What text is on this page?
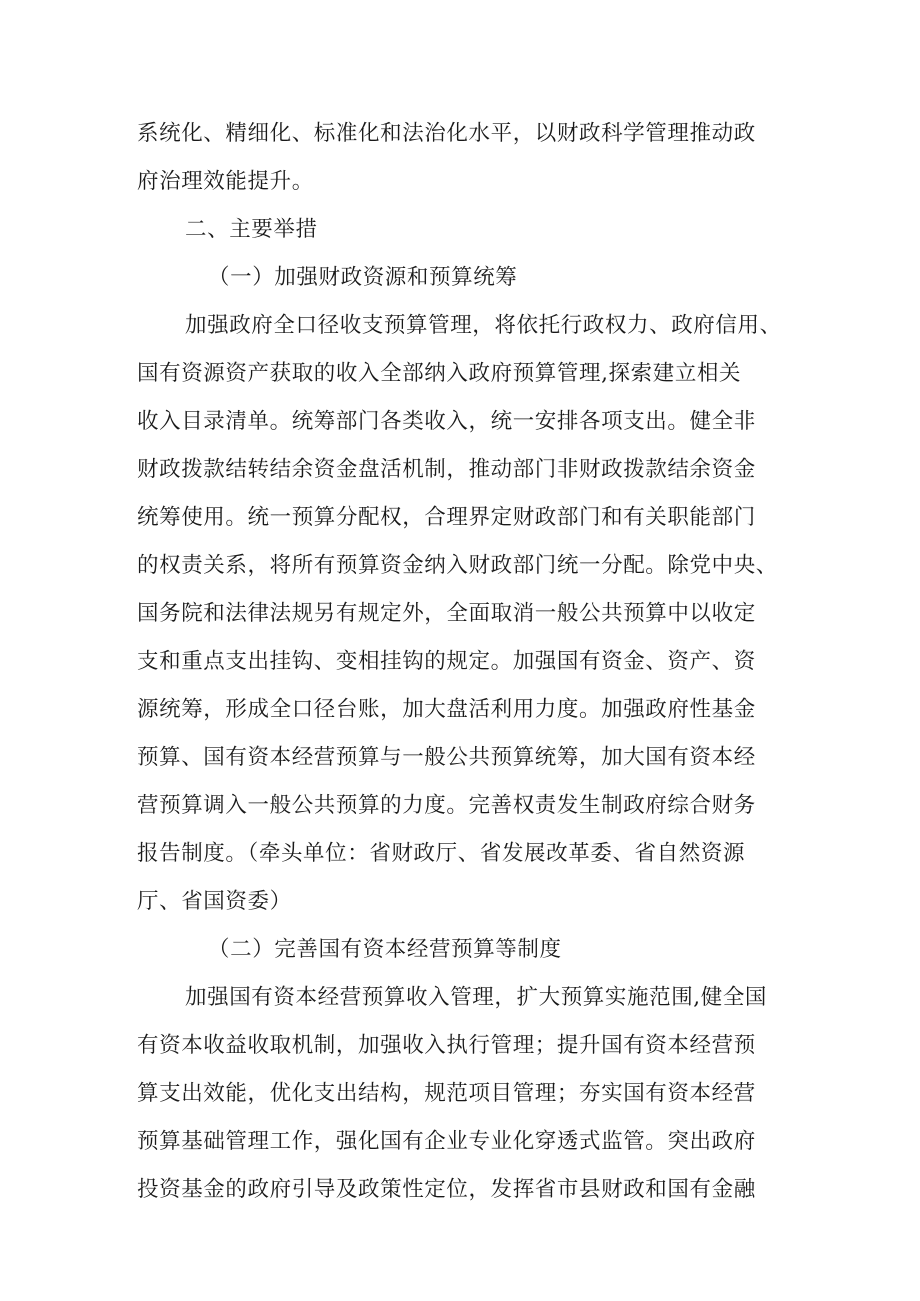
系统化、精细化、标准化和法治化水平，以财政科学管理推动政
府治理效能提升。
二、主要举措
（一）加强财政资源和预算统筹
加强政府全口径收支预算管理，将依托行政权力、政府信用、
国有资源资产获取的收入全部纳入政府预算管理,探索建立相关
收入目录清单。统筹部门各类收入，统一安排各项支出。健全非
财政拨款结转结余资金盘活机制，推动部门非财政拨款结余资金
统筹使用。统一预算分配权，合理界定财政部门和有关职能部门
的权责关系，将所有预算资金纳入财政部门统一分配。除党中央、
国务院和法律法规另有规定外，全面取消一般公共预算中以收定
支和重点支出挂钩、变相挂钩的规定。加强国有资金、资产、资
源统筹，形成全口径台账，加大盘活利用力度。加强政府性基金
预算、国有资本经营预算与一般公共预算统筹，加大国有资本经
营预算调入一般公共预算的力度。完善权责发生制政府综合财务
报告制度。（牵头单位：省财政厅、省发展改革委、省自然资源
厅、省国资委）
（二）完善国有资本经营预算等制度
加强国有资本经营预算收入管理，扩大预算实施范围,健全国
有资本收益收取机制，加强收入执行管理；提升国有资本经营预
算支出效能，优化支出结构，规范项目管理；夯实国有资本经营
预算基础管理工作，强化国有企业专业化穿透式监管。突出政府
投资基金的政府引导及政策性定位，发挥省市县财政和国有金融
